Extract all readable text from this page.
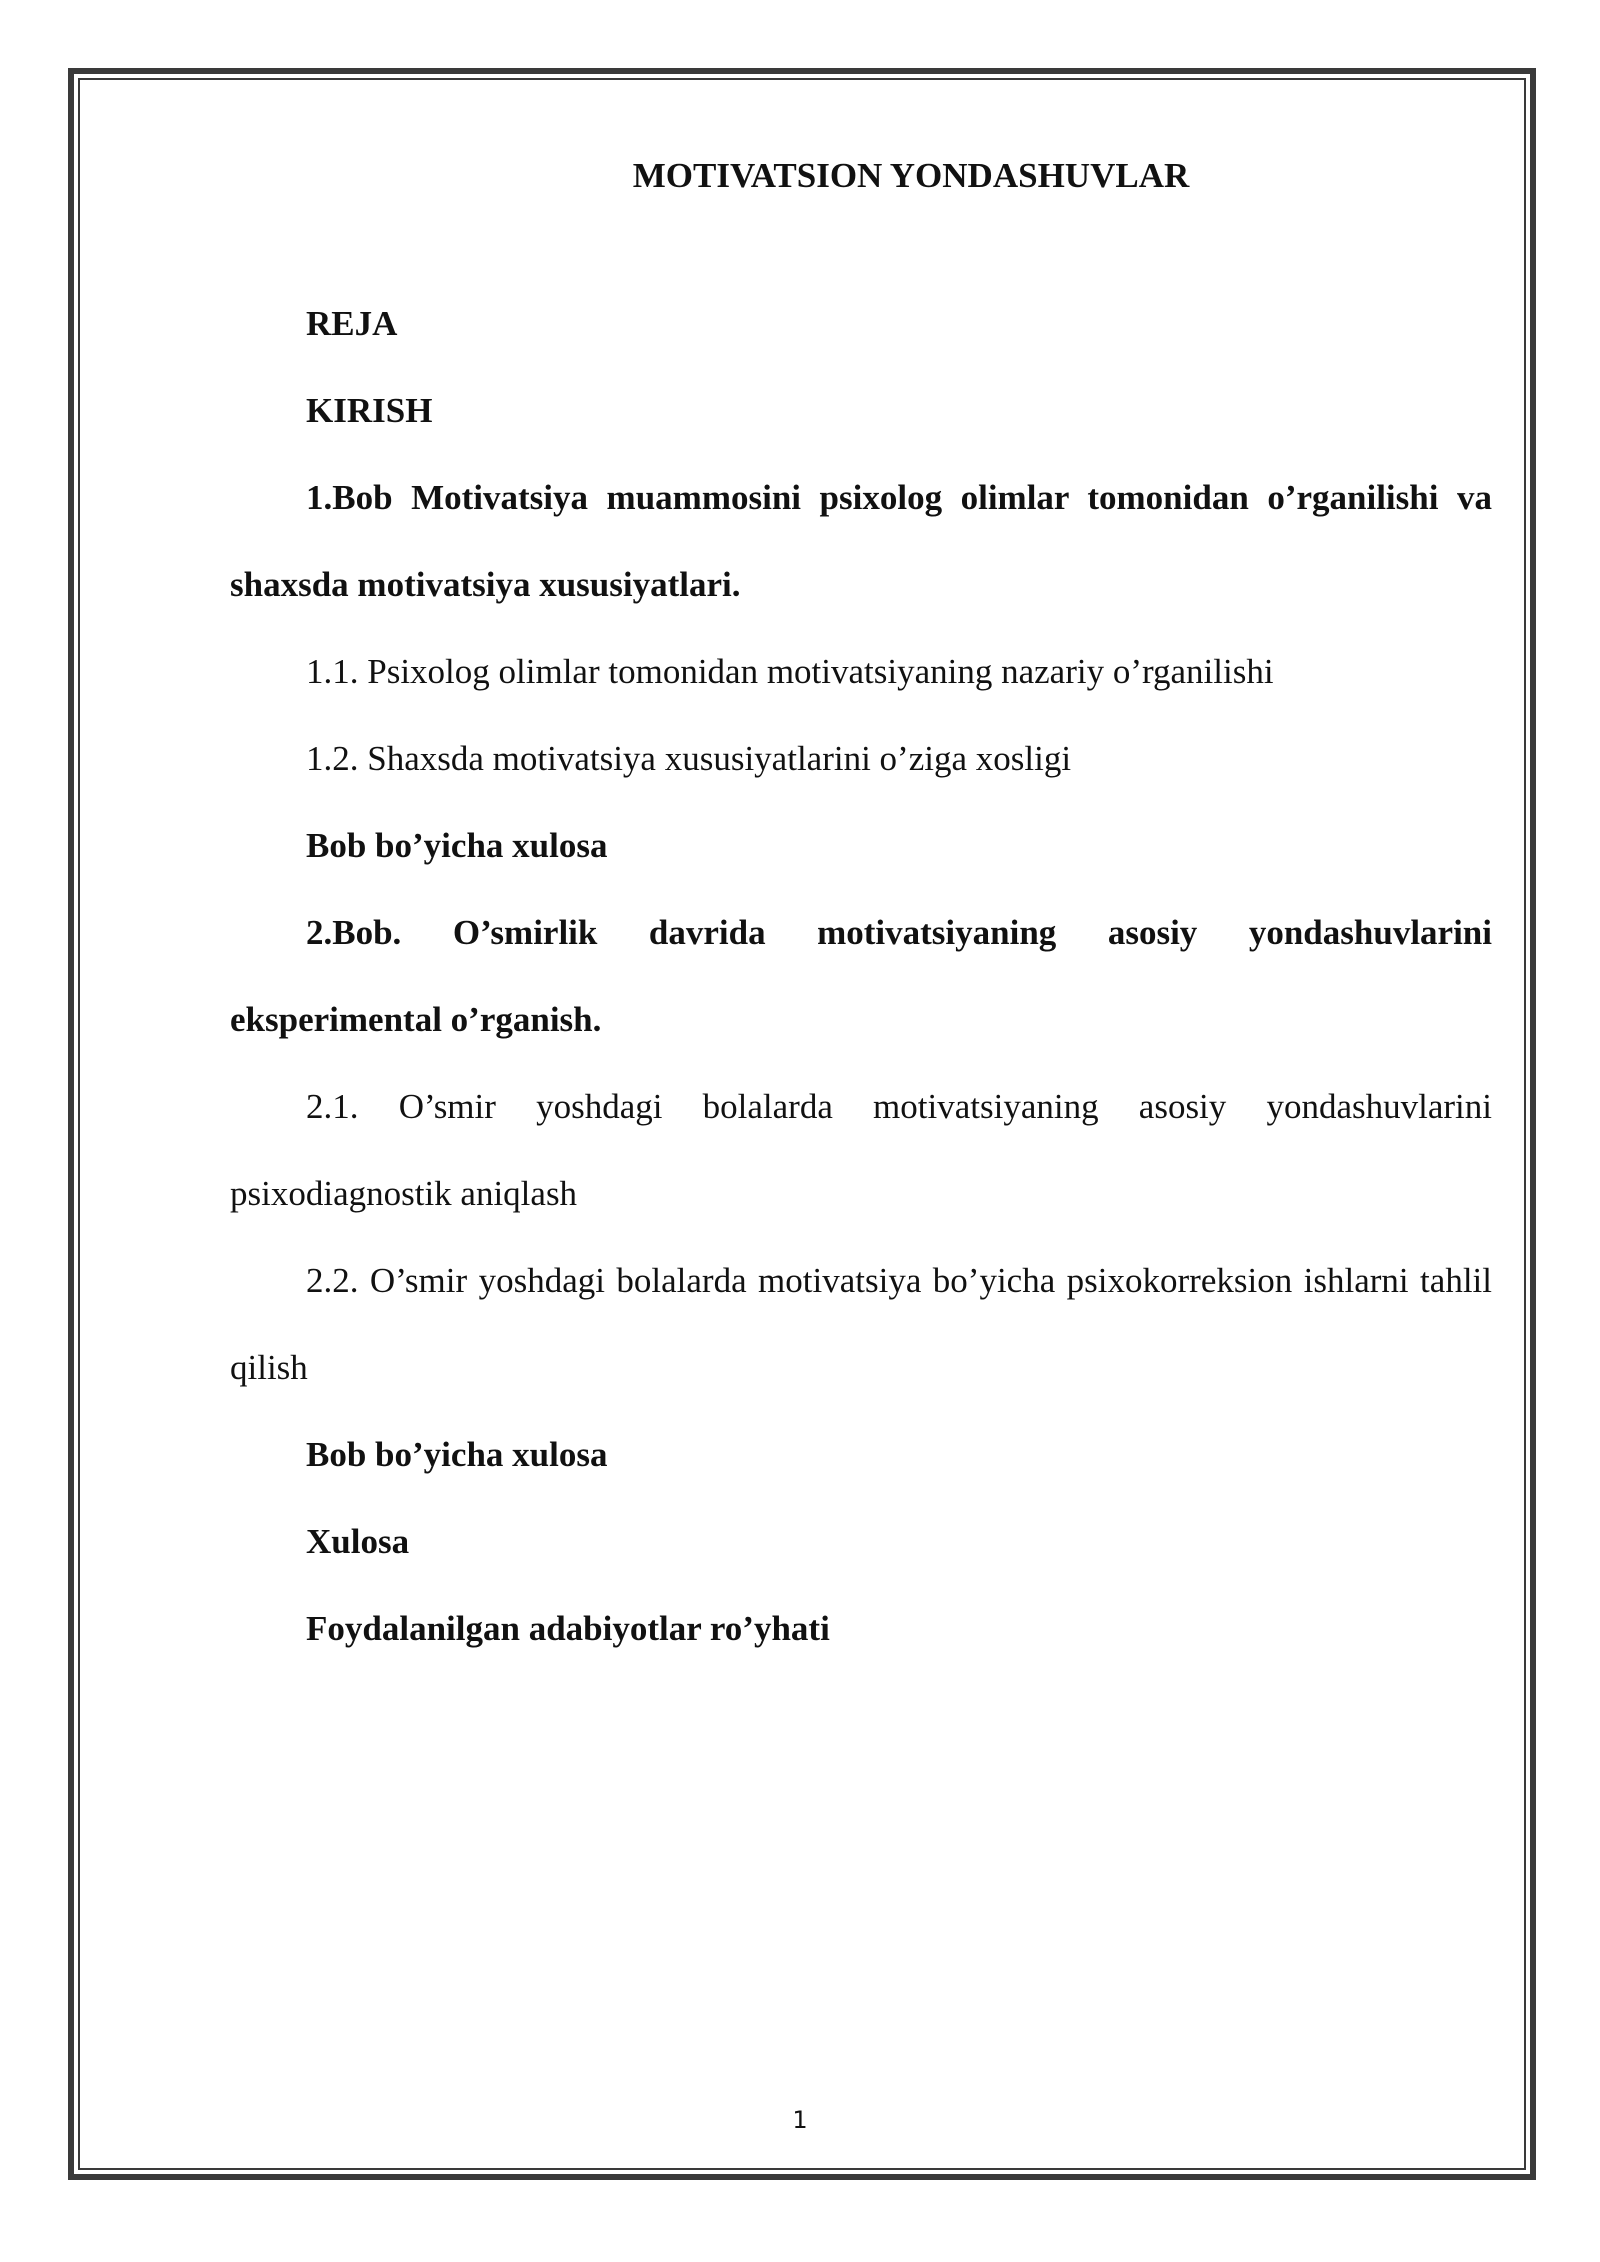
MOTIVATSION YONDASHUVLAR

REJA

KIRISH

1.Bob Motivatsiya muammosini psixolog olimlar tomonidan o’rganilishi va shaxsda motivatsiya xususiyatlari.

1.1. Psixolog olimlar tomonidan motivatsiyaning nazariy o’rganilishi

1.2. Shaxsda motivatsiya xususiyatlarini o’ziga xosligi

Bob bo’yicha xulosa

2.Bob. O’smirlik davrida motivatsiyaning asosiy yondashuvlarini eksperimental o’rganish.

2.1. O’smir yoshdagi bolalarda motivatsiyaning asosiy yondashuvlarini psixodiagnostik aniqlash

2.2. O’smir yoshdagi bolalarda motivatsiya bo’yicha psixokorreksion ishlarni tahlil qilish

Bob bo’yicha xulosa

Xulosa

Foydalanilgan adabiyotlar ro’yhati

1
